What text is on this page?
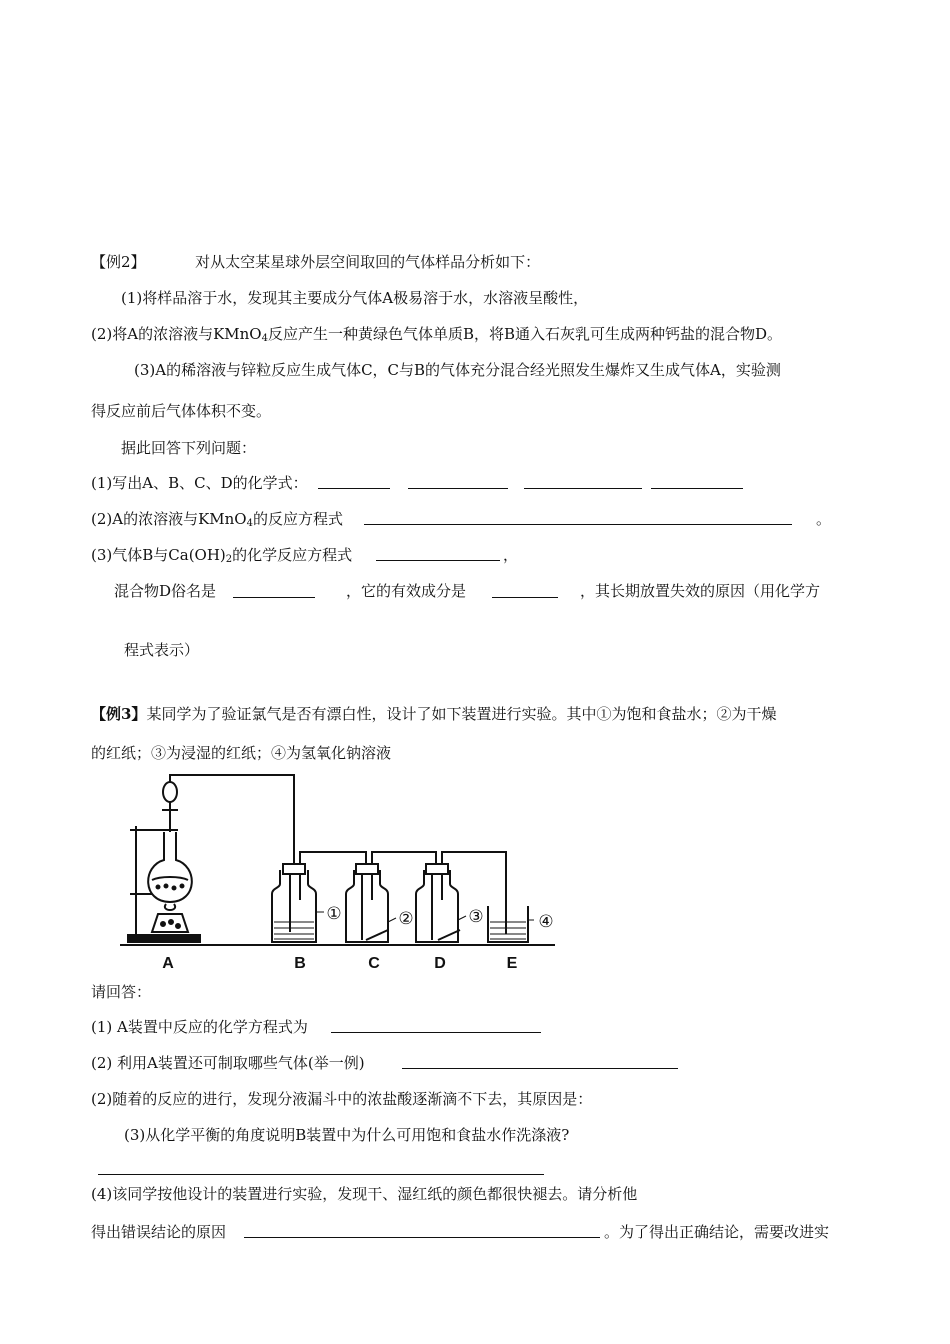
【例2】	对从太空某星球外层空间取回的气体样品分析如下：
(1)将样品溶于水，发现其主要成分气体A极易溶于水，水溶液呈酸性，
(2)将A的浓溶液与KMnO$_4$反应产生一种黄绿色气体单质B，将B通入石灰乳可生成两种钙盐的混合物D。
(3)A的稀溶液与锌粒反应生成气体C，C与B的气体充分混合经光照发生爆炸又生成气体A，实验测
得反应前后气体体积不变。
据此回答下列问题：
(1)写出A、B、C、D的化学式：
(2)A的浓溶液与KMnO$_4$的反应方程式	。
(3)气体B与$Ca(OH)_2$的化学反应方程式	，
混合物D俗名是	，它的有效成分是	，其长期放置失效的原因（用化学方
程式表示）
【例3】某同学为了验证氯气是否有漂白性，设计了如下装置进行实验。其中①为饱和食盐水；②为干燥
的红纸；③为浸湿的红纸；④为氢氧化钠溶液
A	B	C	D	E
①	②	③	④
请回答：
(1) A装置中反应的化学方程式为
(2) 利用A装置还可制取哪些气体(举一例)
(2)随着的反应的进行，发现分液漏斗中的浓盐酸逐渐滴不下去，其原因是：
(3)从化学平衡的角度说明B装置中为什么可用饱和食盐水作洗涤液?
(4)该同学按他设计的装置进行实验，发现干、湿红纸的颜色都很快褪去。请分析他
得出错误结论的原因	。为了得出正确结论，需要改进实
